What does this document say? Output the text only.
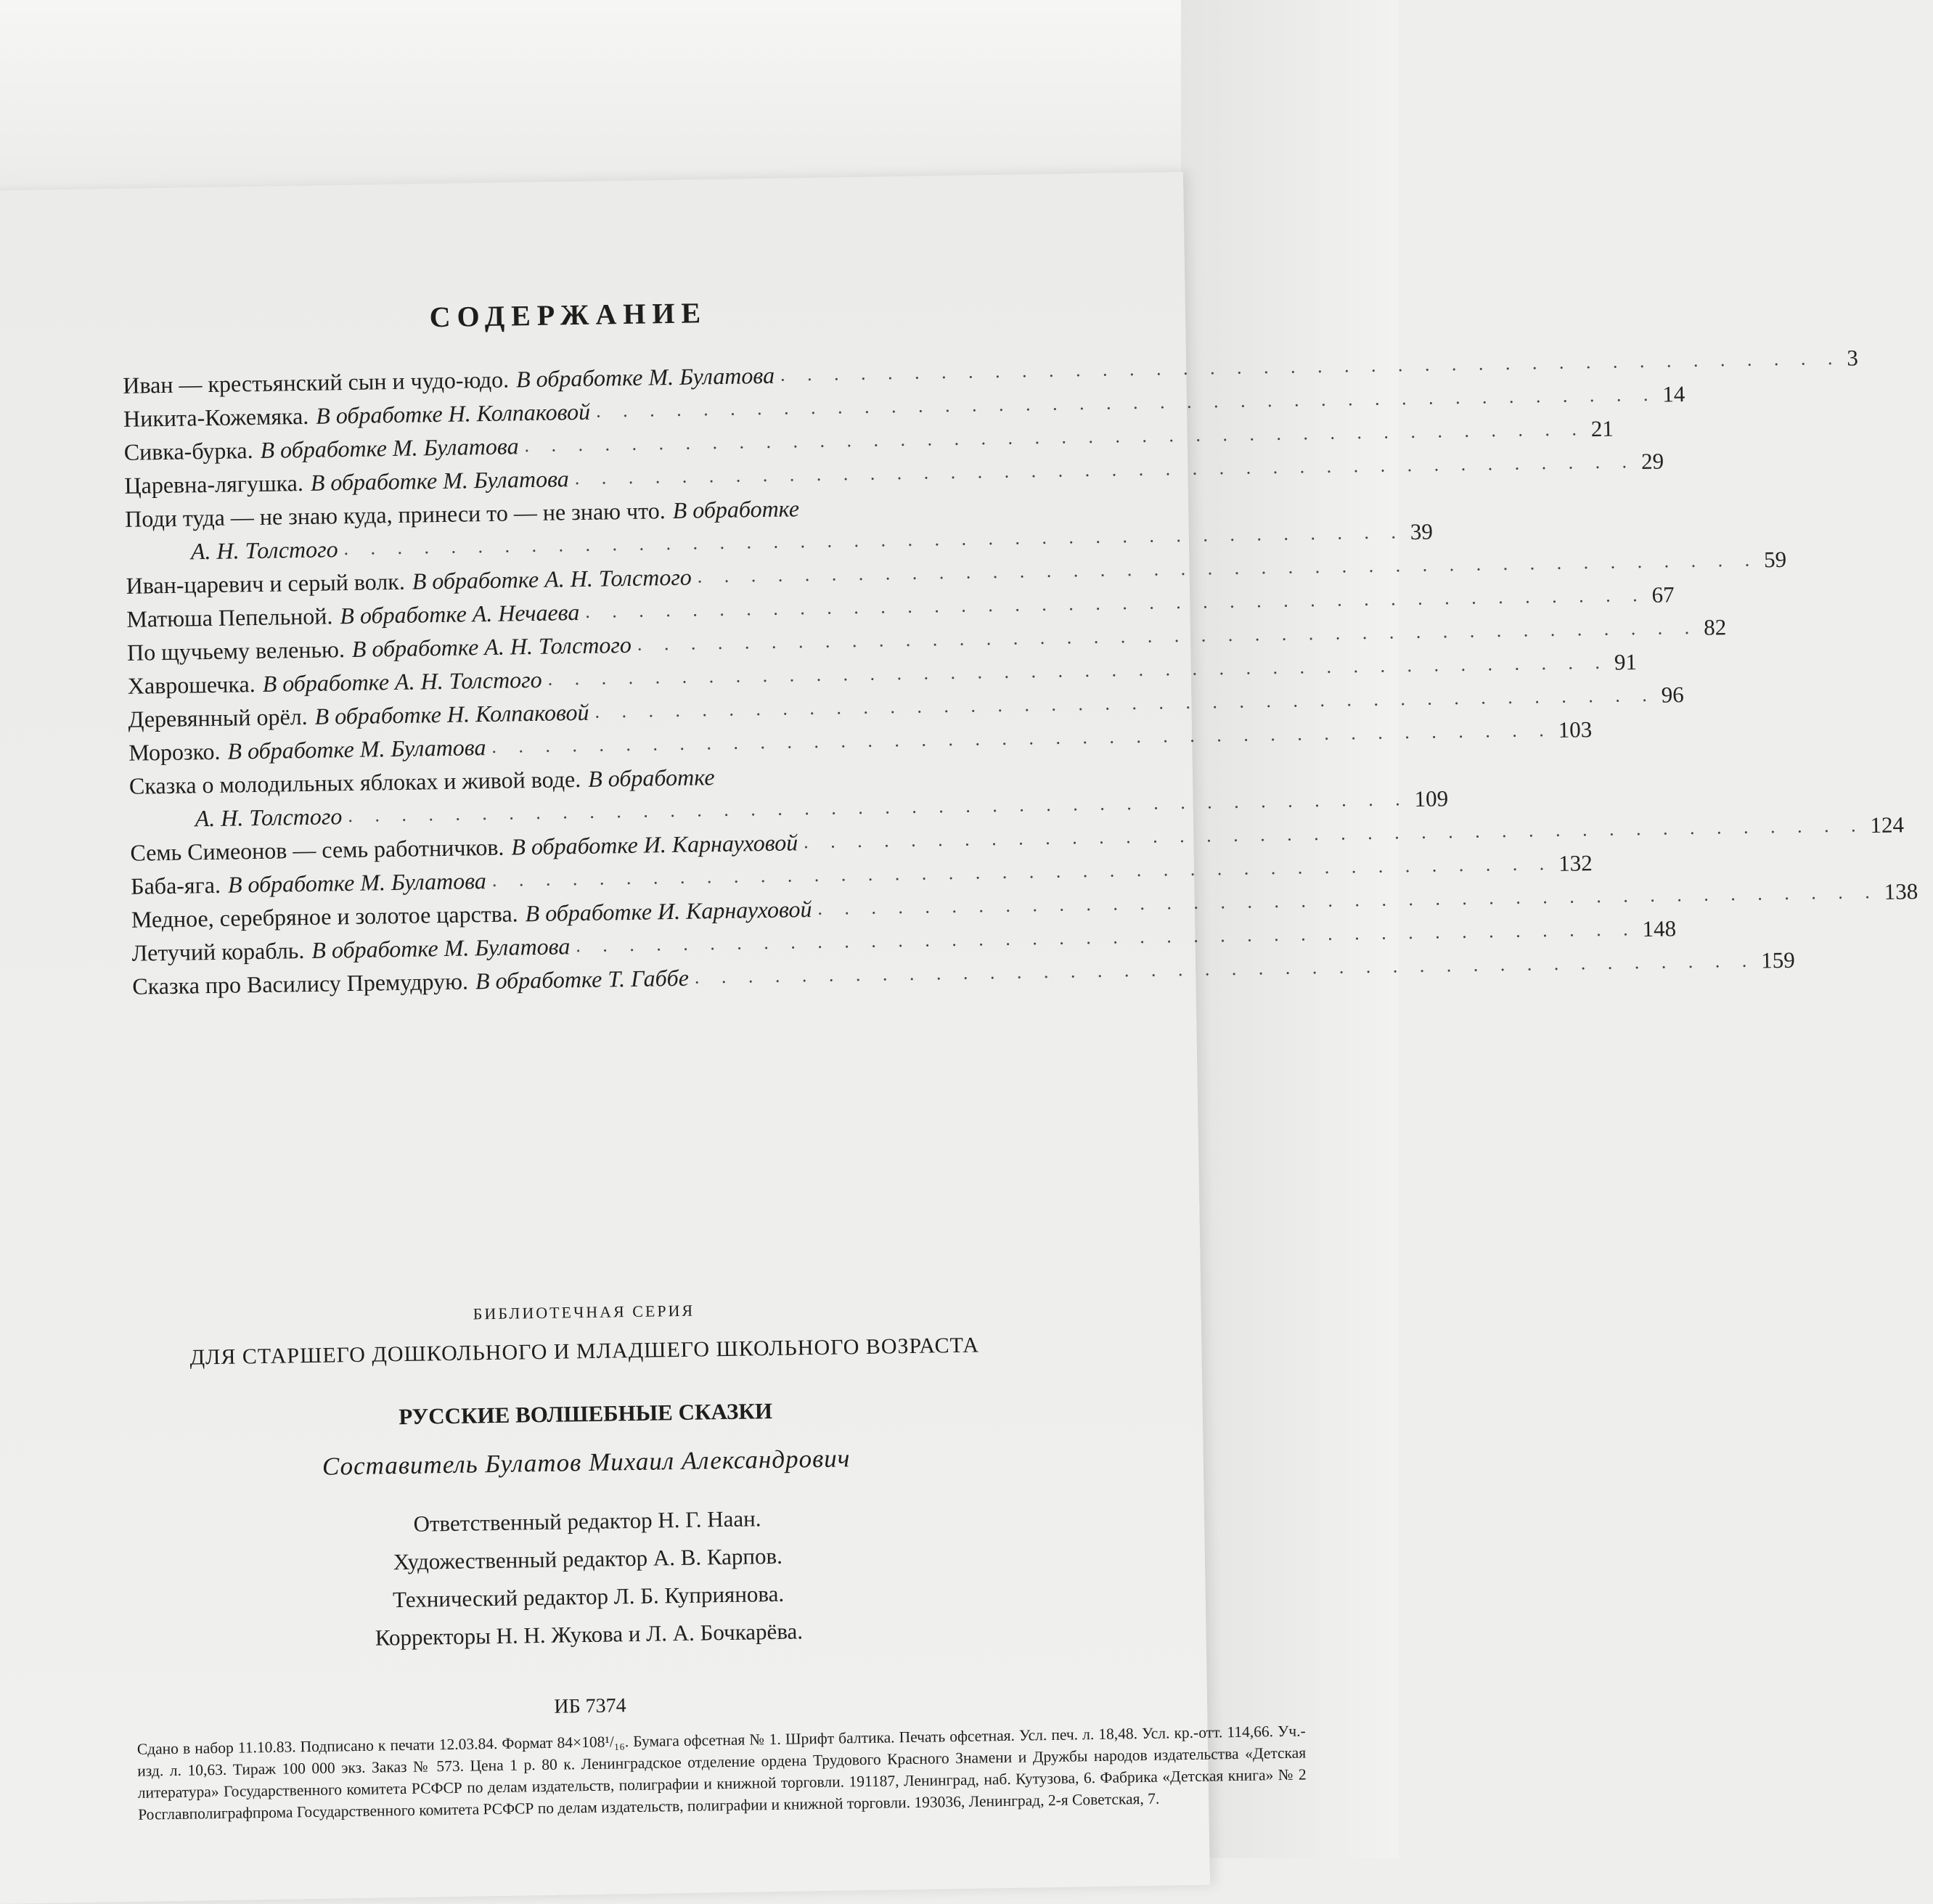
СОДЕРЖАНИЕ
Иван — крестьянский сын и чудо-юдо. В обработке М. Булатова . . . . . . . . . . . . . . . . . . . . . . . . . . . . . . . . . . . . . . . . 3
Никита-Кожемяка. В обработке Н. Колпаковой . . . . . . . . . . . . . . . . . . . . . . . . . . . . . . . . . . . . . . . . 14
Сивка-бурка. В обработке М. Булатова . . . . . . . . . . . . . . . . . . . . . . . . . . . . . . . . . . . . . . . . 21
Царевна-лягушка. В обработке М. Булатова . . . . . . . . . . . . . . . . . . . . . . . . . . . . . . . . . . . . . . . . 29
Поди туда — не знаю куда, принеси то — не знаю что. В обработке
А. Н. Толстого . . . . . . . . . . . . . . . . . . . . . . . . . . . . . . . . . . . . . . . . 39
Иван-царевич и серый волк. В обработке А. Н. Толстого . . . . . . . . . . . . . . . . . . . . . . . . . . . . . . . . . . . . . . . . 59
Матюша Пепельной. В обработке А. Нечаева . . . . . . . . . . . . . . . . . . . . . . . . . . . . . . . . . . . . . . . . 67
По щучьему веленью. В обработке А. Н. Толстого . . . . . . . . . . . . . . . . . . . . . . . . . . . . . . . . . . . . . . . . 82
Хаврошечка. В обработке А. Н. Толстого . . . . . . . . . . . . . . . . . . . . . . . . . . . . . . . . . . . . . . . . 91
Деревянный орёл. В обработке Н. Колпаковой . . . . . . . . . . . . . . . . . . . . . . . . . . . . . . . . . . . . . . . . 96
Морозко. В обработке М. Булатова . . . . . . . . . . . . . . . . . . . . . . . . . . . . . . . . . . . . . . . . 103
Сказка о молодильных яблоках и живой воде. В обработке
А. Н. Толстого . . . . . . . . . . . . . . . . . . . . . . . . . . . . . . . . . . . . . . . . 109
Семь Симеонов — семь работничков. В обработке И. Карнауховой . . . . . . . . . . . . . . . . . . . . . . . . . . . . . . . . . . . . . . . . 124
Баба-яга. В обработке М. Булатова . . . . . . . . . . . . . . . . . . . . . . . . . . . . . . . . . . . . . . . . 132
Медное, серебряное и золотое царства. В обработке И. Карнауховой . . . . . . . . . . . . . . . . . . . . . . . . . . . . . . . . . . . . . . . . 138
Летучий корабль. В обработке М. Булатова . . . . . . . . . . . . . . . . . . . . . . . . . . . . . . . . . . . . . . . . 148
Сказка про Василису Премудрую. В обработке Т. Габбе . . . . . . . . . . . . . . . . . . . . . . . . . . . . . . . . . . . . . . . . 159
БИБЛИОТЕЧНАЯ СЕРИЯ
ДЛЯ СТАРШЕГО ДОШКОЛЬНОГО И МЛАДШЕГО ШКОЛЬНОГО ВОЗРАСТА
РУССКИЕ ВОЛШЕБНЫЕ СКАЗКИ
Составитель Булатов Михаил Александрович
Ответственный редактор Н. Г. Наан.
Художественный редактор А. В. Карпов.
Технический редактор Л. Б. Куприянова.
Корректоры Н. Н. Жукова и Л. А. Бочкарёва.
ИБ 7374
Сдано в набор 11.10.83. Подписано к печати 12.03.84. Формат 84×108¹/₁₆. Бумага офсетная № 1. Шрифт балтика. Печать офсетная. Усл. печ. л. 18,48. Усл. кр.-отт. 114,66. Уч.-изд. л. 10,63. Тираж 100 000 экз. Заказ № 573. Цена 1 р. 80 к. Ленинградское отделение ордена Трудового Красного Знамени и Дружбы народов издательства «Детская литература» Государственного комитета РСФСР по делам издательств, полиграфии и книжной торговли. 191187, Ленинград, наб. Кутузова, 6. Фабрика «Детская книга» № 2 Росглавполиграфпрома Государственного комитета РСФСР по делам издательств, полиграфии и книжной торговли. 193036, Ленинград, 2-я Советская, 7.
